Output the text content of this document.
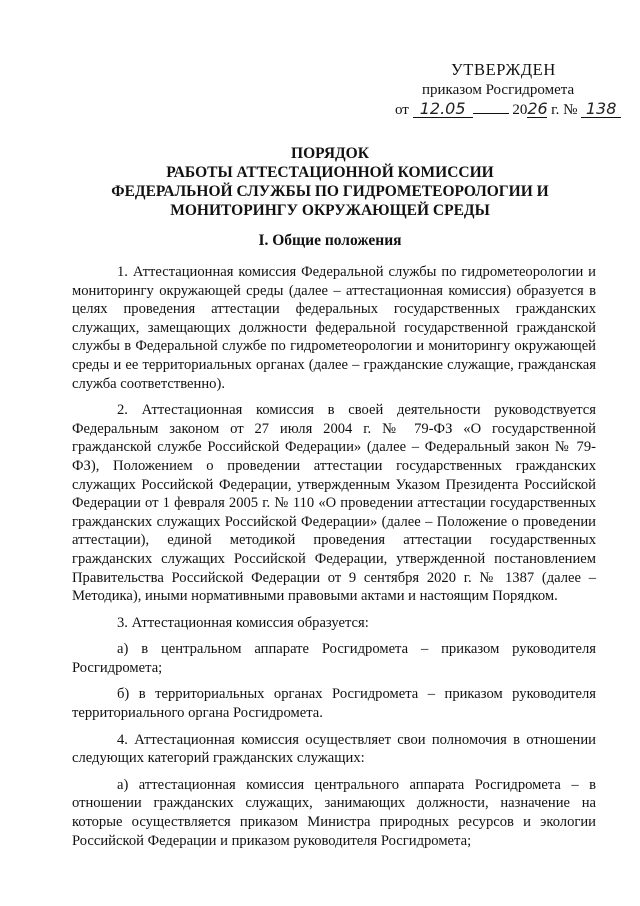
УТВЕРЖДЕН
приказом Росгидромета
от 12.05	2026 г. № 138
ПОРЯДОК
РАБОТЫ АТТЕСТАЦИОННОЙ КОМИССИИ
ФЕДЕРАЛЬНОЙ СЛУЖБЫ ПО ГИДРОМЕТЕОРОЛОГИИ И
МОНИТОРИНГУ ОКРУЖАЮЩЕЙ СРЕДЫ
I. Общие положения

1. Аттестационная комиссия Федеральной службы по гидрометеорологии и мониторингу окружающей среды (далее – аттестационная комиссия) образуется в целях проведения аттестации федеральных государственных гражданских служащих, замещающих должности федеральной государственной гражданской службы в Федеральной службе по гидрометеорологии и мониторингу окружающей среды и ее территориальных органах (далее – гражданские служащие, гражданская служба соответственно).

2. Аттестационная комиссия в своей деятельности руководствуется Федеральным законом от 27 июля 2004 г. № 79-ФЗ «О государственной гражданской службе Российской Федерации» (далее – Федеральный закон № 79-ФЗ), Положением о проведении аттестации государственных гражданских служащих Российской Федерации, утвержденным Указом Президента Российской Федерации от 1 февраля 2005 г. № 110 «О проведении аттестации государственных гражданских служащих Российской Федерации» (далее – Положение о проведении аттестации), единой методикой проведения аттестации государственных гражданских служащих Российской Федерации, утвержденной постановлением Правительства Российской Федерации от 9 сентября 2020 г. № 1387 (далее – Методика), иными нормативными правовыми актами и настоящим Порядком.

3. Аттестационная комиссия образуется:

а) в центральном аппарате Росгидромета – приказом руководителя Росгидромета;

б) в территориальных органах Росгидромета – приказом руководителя территориального органа Росгидромета.

4. Аттестационная комиссия осуществляет свои полномочия в отношении следующих категорий гражданских служащих:

а) аттестационная комиссия центрального аппарата Росгидромета – в отношении гражданских служащих, занимающих должности, назначение на которые осуществляется приказом Министра природных ресурсов и экологии Российской Федерации и приказом руководителя Росгидромета;
